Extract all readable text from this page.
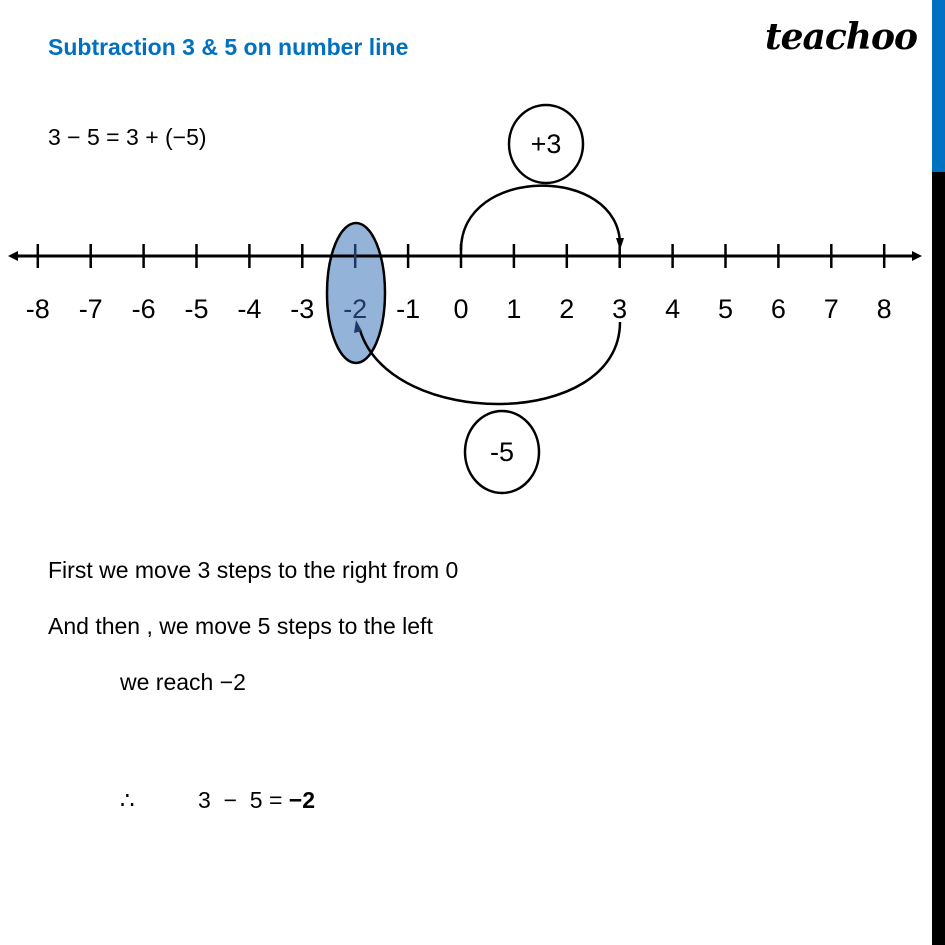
Subtraction 3 & 5 on number line	teachoo
3 − 5 = 3 + (−5)
-8 -7 -6 -5 -4 -3 -2 -1 0 1 2 3 4 5 6 7 8
+3
-5
First we move 3 steps to the right from 0
And then , we move 5 steps to the left
we reach −2
∴	3  −  5 = −2
